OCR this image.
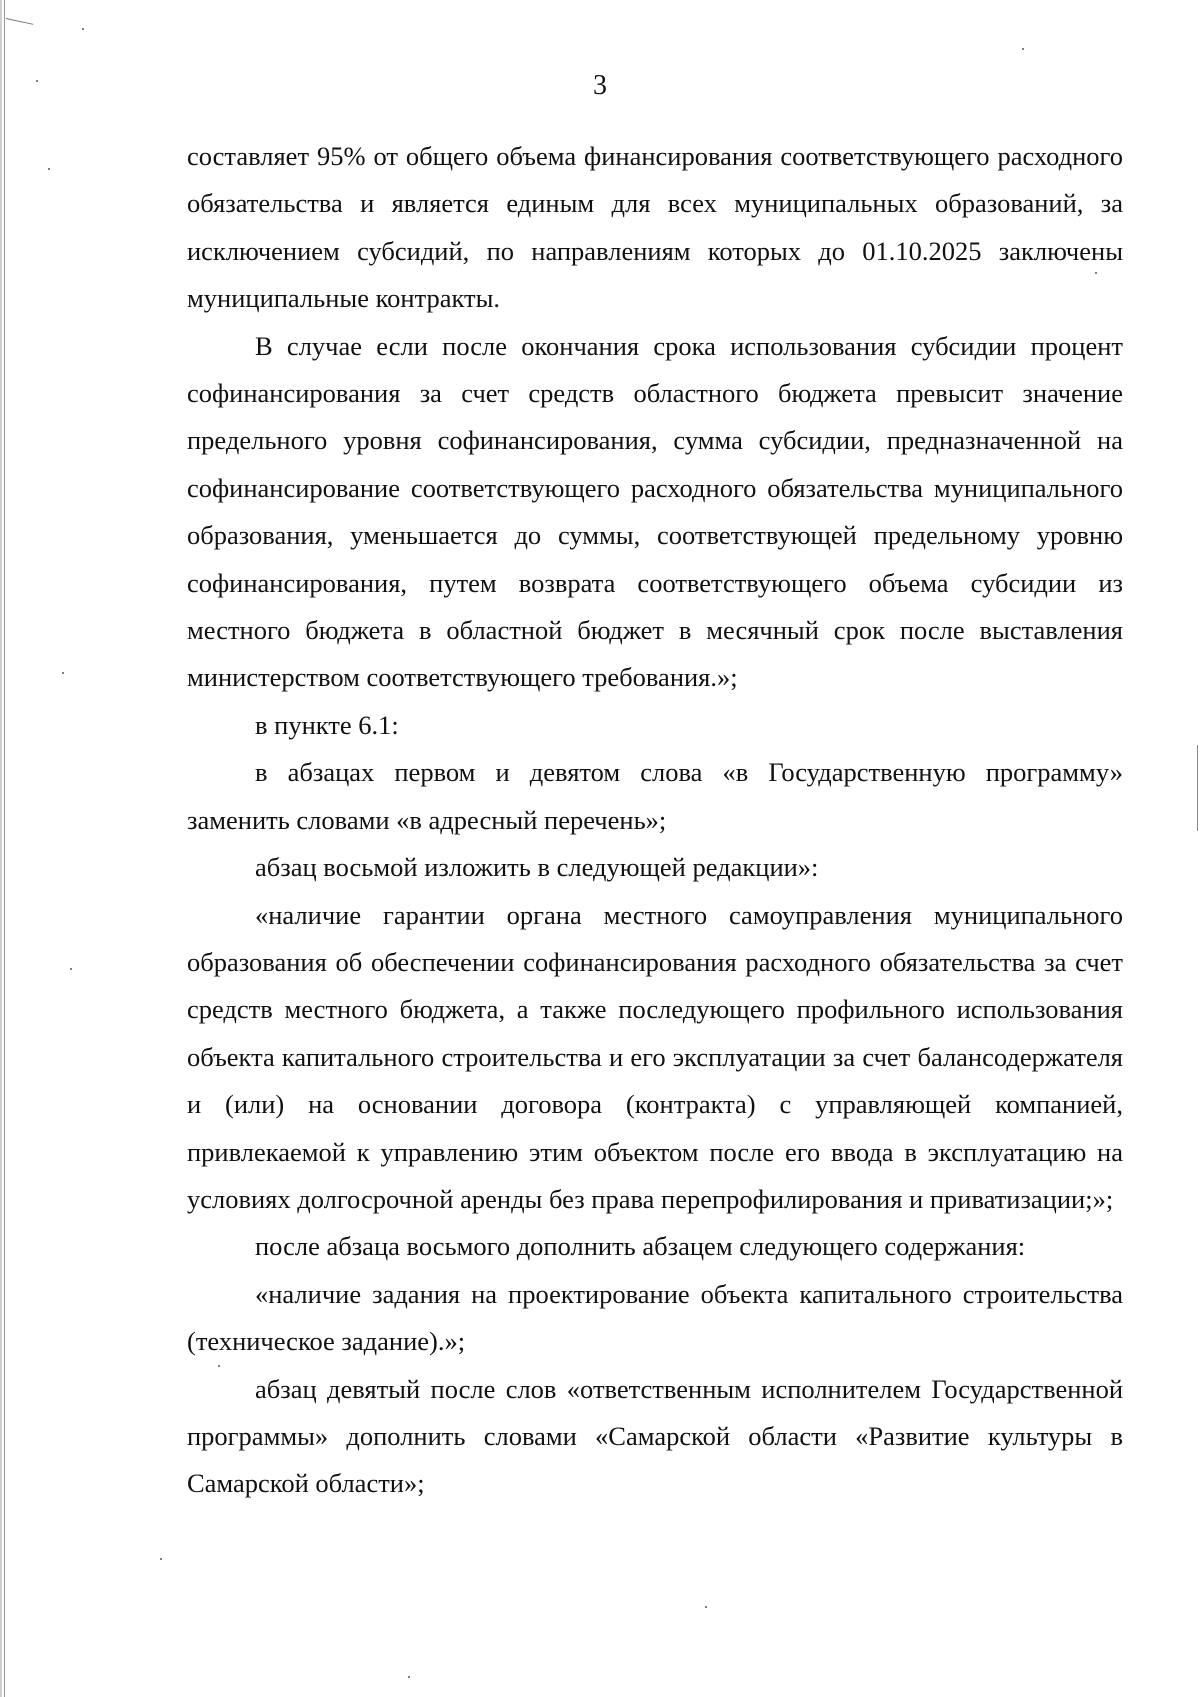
3

составляет 95% от общего объема финансирования соответствующего расходного обязательства и является единым для всех муниципальных образований, за исключением субсидий, по направлениям которых до 01.10.2025 заключены муниципальные контракты.

В случае если после окончания срока использования субсидии процент софинансирования за счет средств областного бюджета превысит значение предельного уровня софинансирования, сумма субсидии, предназначенной на софинансирование соответствующего расходного обязательства муниципального образования, уменьшается до суммы, соответствующей предельному уровню софинансирования, путем возврата соответствующего объема субсидии из местного бюджета в областной бюджет в месячный срок после выставления министерством соответствующего требования.»;

в пункте 6.1:

в абзацах первом и девятом слова «в Государственную программу» заменить словами «в адресный перечень»;

абзац восьмой изложить в следующей редакции»:

«наличие гарантии органа местного самоуправления муниципального образования об обеспечении софинансирования расходного обязательства за счет средств местного бюджета, а также последующего профильного использования объекта капитального строительства и его эксплуатации за счет балансодержателя и (или) на основании договора (контракта) с управляющей компанией, привлекаемой к управлению этим объектом после его ввода в эксплуатацию на условиях долгосрочной аренды без права перепрофилирования и приватизации;»;

после абзаца восьмого дополнить абзацем следующего содержания:

«наличие задания на проектирование объекта капитального строительства (техническое задание).»;

абзац девятый после слов «ответственным исполнителем Государственной программы» дополнить словами «Самарской области «Развитие культуры в Самарской области»;
